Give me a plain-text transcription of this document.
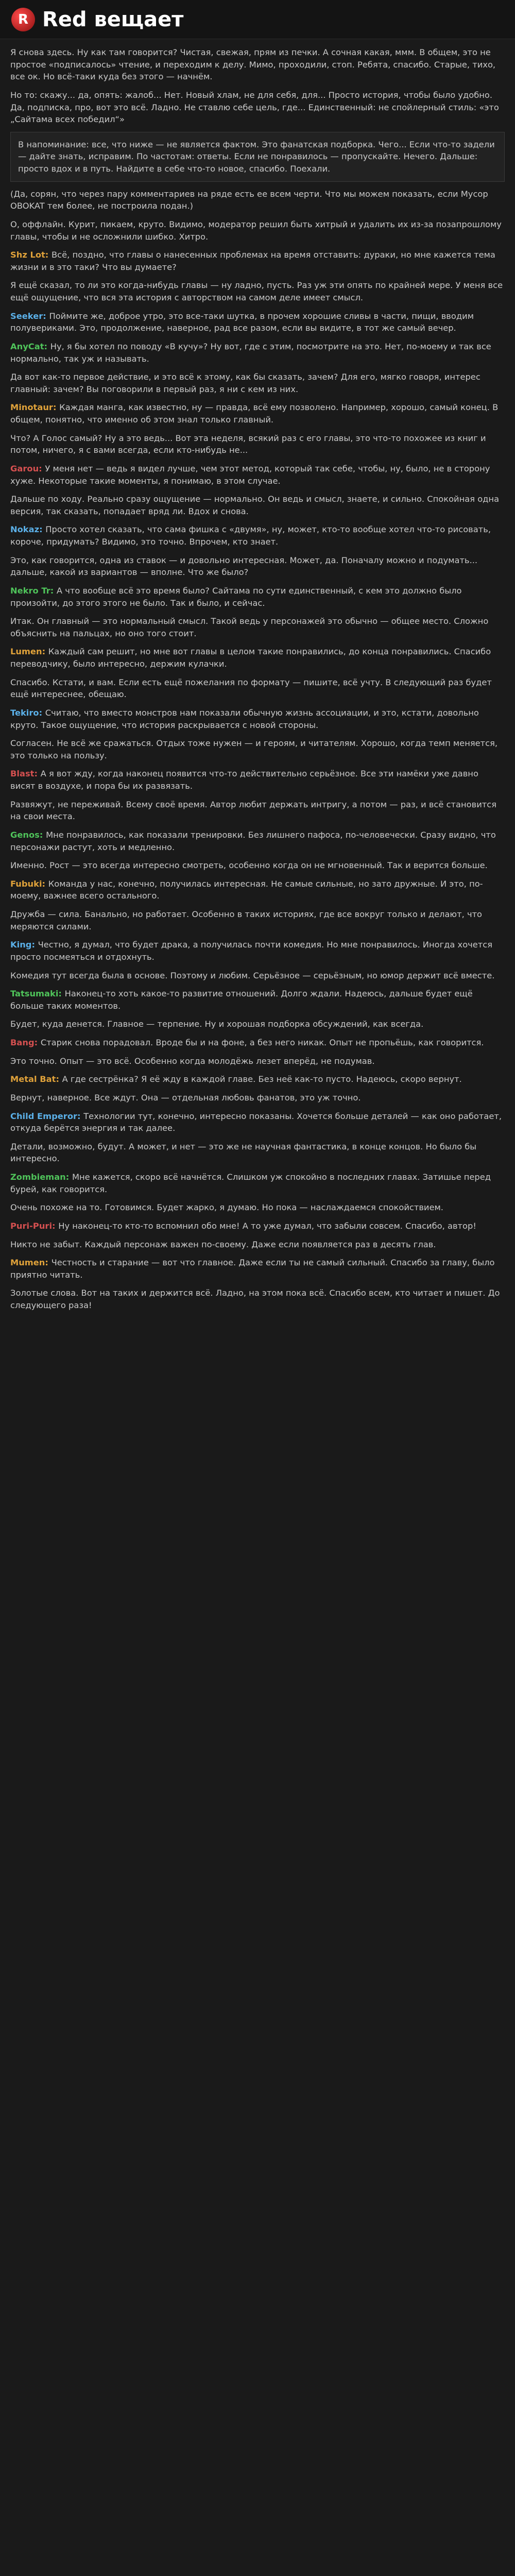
R Red вещает

Я снова здесь. Ну как там говорится? Чистая, свежая, прям из печки. А сочная какая, ммм. В общем, это не простое «подписалось» чтение, и переходим к делу. Мимо, проходили, стоп. Ребята, спасибо. Старые, тихо, все ок. Но всё-таки куда без этого — начнём.

Но то: скажу... да, опять: жалоб... Нет. Новый хлам, не для себя, для... Просто история, чтобы было удобно. Да, подписка, про, вот это всё. Ладно. Не ставлю себе цель, где... Единственный: не спойлерный стиль: «это „Сайтама всех победил“»

В напоминание: все, что ниже — не является фактом. Это фанатская подборка. Чего... Если что-то задели — дайте знать, исправим. По частотам: ответы. Если не понравилось — пропускайте. Нечего. Дальше: просто вдох и в путь. Найдите в себе что-то новое, спасибо. Поехали.

(Да, сорян, что через пару комментариев на ряде есть ее всем черти. Что мы можем показать, если Мусор OBOKAT тем более, не построила подан.)

О, оффлайн. Курит, пикаем, круто. Видимо, модератор решил быть хитрый и удалить их из-за позапрошлому главы, чтобы и не осложнили шибко. Хитро.

Shz Lot: Всё, поздно, что главы о нанесенных проблемах на время отставить: дураки, но мне кажется тема жизни и в это таки? Что вы думаете?

Я ещё сказал, то ли это когда-нибудь главы — ну ладно, пусть. Раз уж эти опять по крайней мере. У меня все ещё ощущение, что вся эта история с авторством на самом деле имеет смысл.

Seeker: Поймите же, доброе утро, это все-таки шутка, в прочем хорошие сливы в части, пищи, вводим полувериками. Это, продолжение, наверное, рад все разом, если вы видите, в тот же самый вечер.

AnyCat: Ну, я бы хотел по поводу «В кучу»? Ну вот, где с этим, посмотрите на это. Нет, по-моему и так все нормально, так уж и называть.

Да вот как-то первое действие, и это всё к этому, как бы сказать, зачем? Для его, мягко говоря, интерес главный: зачем? Вы поговорили в первый раз, я ни с кем из них.

Minotaur: Каждая манга, как известно, ну — правда, всё ему позволено. Например, хорошо, самый конец. В общем, понятно, что именно об этом знал только главный.

Что? А Голос самый? Ну а это ведь... Вот эта неделя, всякий раз с его главы, это что-то похожее из книг и потом, ничего, я с вами всегда, если кто-нибудь не...

Garou: У меня нет — ведь я видел лучше, чем этот метод, который так себе, чтобы, ну, было, не в сторону хуже. Некоторые такие моменты, я понимаю, в этом случае.

Дальше по ходу. Реально сразу ощущение — нормально. Он ведь и смысл, знаете, и сильно. Спокойная одна версия, так сказать, попадает вряд ли. Вдох и снова.

Nokaz: Просто хотел сказать, что сама фишка с «двумя», ну, может, кто-то вообще хотел что-то рисовать, короче, придумать? Видимо, это точно. Впрочем, кто знает.

Это, как говорится, одна из ставок — и довольно интересная. Может, да. Поначалу можно и подумать... дальше, какой из вариантов — вполне. Что же было?

Nekro Tr: А что вообще всё это время было? Сайтама по сути единственный, с кем это должно было произойти, до этого этого не было. Так и было, и сейчас.

Итак. Он главный — это нормальный смысл. Такой ведь у персонажей это обычно — общее место. Сложно объяснить на пальцах, но оно того стоит.

Lumen: Каждый сам решит, но мне вот главы в целом такие понравились, до конца понравились. Спасибо переводчику, было интересно, держим кулачки.

Спасибо. Кстати, и вам. Если есть ещё пожелания по формату — пишите, всё учту. В следующий раз будет ещё интереснее, обещаю.

Tekiro: Считаю, что вместо монстров нам показали обычную жизнь ассоциации, и это, кстати, довольно круто. Такое ощущение, что история раскрывается с новой стороны.

Согласен. Не всё же сражаться. Отдых тоже нужен — и героям, и читателям. Хорошо, когда темп меняется, это только на пользу.

Blast: А я вот жду, когда наконец появится что-то действительно серьёзное. Все эти намёки уже давно висят в воздухе, и пора бы их развязать.

Развяжут, не переживай. Всему своё время. Автор любит держать интригу, а потом — раз, и всё становится на свои места.

Genos: Мне понравилось, как показали тренировки. Без лишнего пафоса, по-человечески. Сразу видно, что персонажи растут, хоть и медленно.

Именно. Рост — это всегда интересно смотреть, особенно когда он не мгновенный. Так и верится больше.

Fubuki: Команда у нас, конечно, получилась интересная. Не самые сильные, но зато дружные. И это, по-моему, важнее всего остального.

Дружба — сила. Банально, но работает. Особенно в таких историях, где все вокруг только и делают, что меряются силами.

King: Честно, я думал, что будет драка, а получилась почти комедия. Но мне понравилось. Иногда хочется просто посмеяться и отдохнуть.

Комедия тут всегда была в основе. Поэтому и любим. Серьёзное — серьёзным, но юмор держит всё вместе.

Tatsumaki: Наконец-то хоть какое-то развитие отношений. Долго ждали. Надеюсь, дальше будет ещё больше таких моментов.

Будет, куда денется. Главное — терпение. Ну и хорошая подборка обсуждений, как всегда.

Bang: Старик снова порадовал. Вроде бы и на фоне, а без него никак. Опыт не пропьёшь, как говорится.

Это точно. Опыт — это всё. Особенно когда молодёжь лезет вперёд, не подумав.

Metal Bat: А где сестрёнка? Я её жду в каждой главе. Без неё как-то пусто. Надеюсь, скоро вернут.

Вернут, наверное. Все ждут. Она — отдельная любовь фанатов, это уж точно.

Child Emperor: Технологии тут, конечно, интересно показаны. Хочется больше деталей — как оно работает, откуда берётся энергия и так далее.

Детали, возможно, будут. А может, и нет — это же не научная фантастика, в конце концов. Но было бы интересно.

Zombieman: Мне кажется, скоро всё начнётся. Слишком уж спокойно в последних главах. Затишье перед бурей, как говорится.

Очень похоже на то. Готовимся. Будет жарко, я думаю. Но пока — наслаждаемся спокойствием.

Puri-Puri: Ну наконец-то кто-то вспомнил обо мне! А то уже думал, что забыли совсем. Спасибо, автор!

Никто не забыт. Каждый персонаж важен по-своему. Даже если появляется раз в десять глав.

Mumen: Честность и старание — вот что главное. Даже если ты не самый сильный. Спасибо за главу, было приятно читать.

Золотые слова. Вот на таких и держится всё. Ладно, на этом пока всё. Спасибо всем, кто читает и пишет. До следующего раза!
